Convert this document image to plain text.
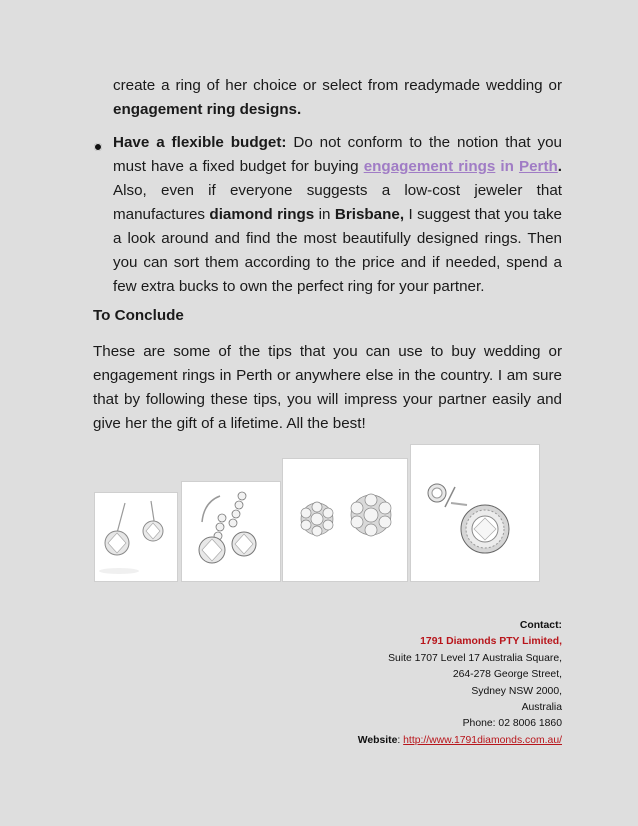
create a ring of her choice or select from readymade wedding or
engagement ring designs.
Have a flexible budget: Do not conform to the notion that you
must have a fixed budget for buying engagement rings in Perth.
Also, even if everyone suggests a low-cost jeweler that
manufactures diamond rings in Brisbane, I suggest that you take
a look around and find the most beautifully designed rings. Then
you can sort them according to the price and if needed, spend a
few extra bucks to own the perfect ring for your partner.
To Conclude
These are some of the tips that you can use to buy wedding or
engagement rings in Perth or anywhere else in the country. I am sure
that by following these tips, you will impress your partner easily and
give her the gift of a lifetime. All the best!
Contact:
1791 Diamonds PTY Limited,
Suite 1707 Level 17 Australia Square,
264-278 George Street,
Sydney NSW 2000,
Australia
Phone: 02 8006 1860
Website: http://www.1791diamonds.com.au/
